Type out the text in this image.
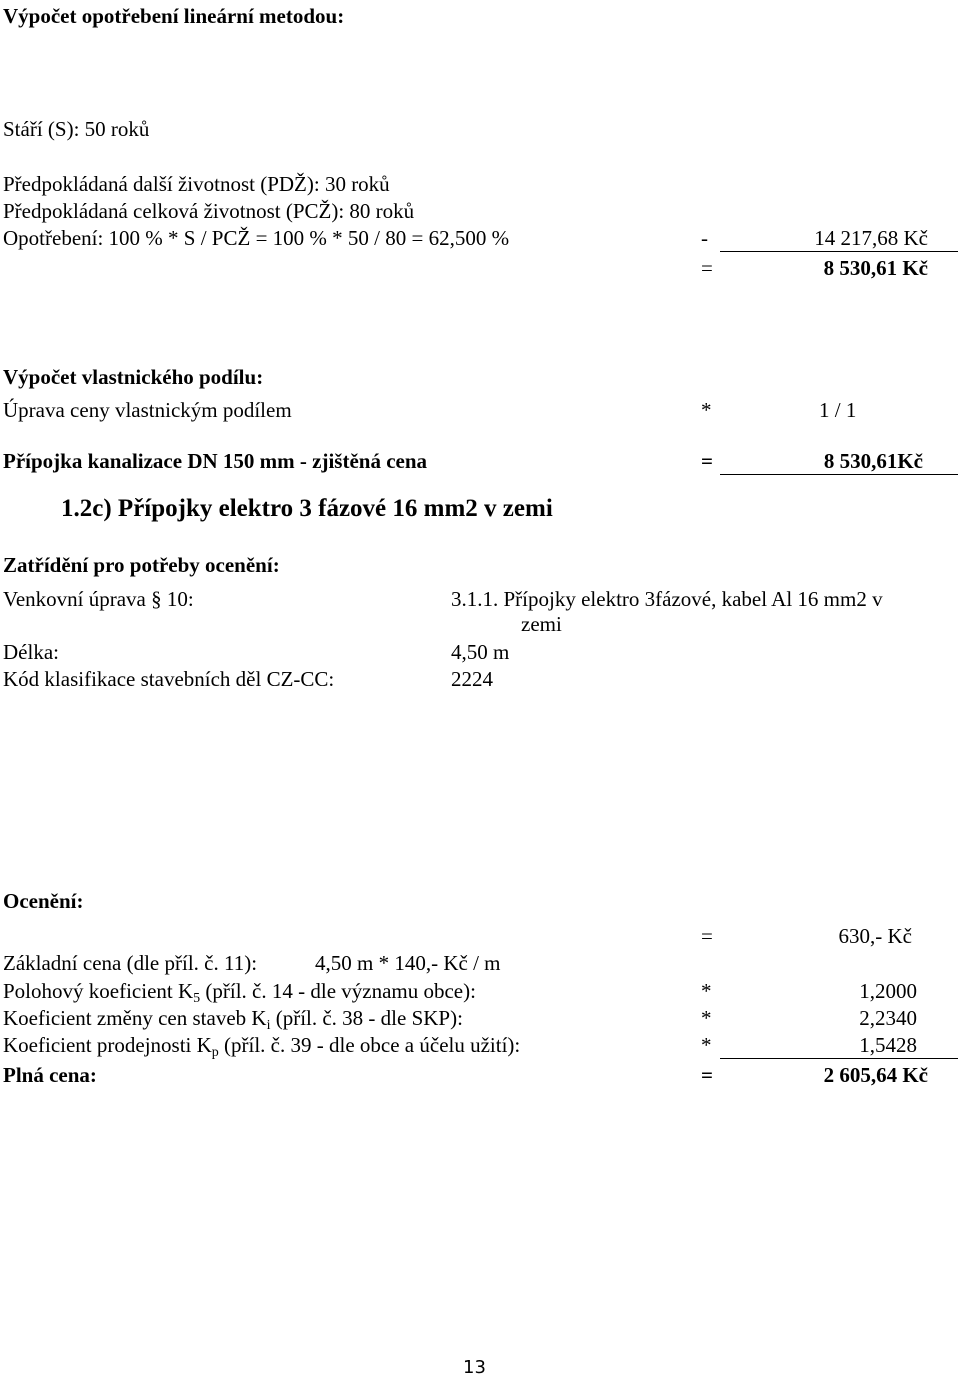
Výpočet opotřebení lineární metodou:
Stáří (S): 50 roků
Předpokládaná další životnost (PDŽ): 30 roků
Předpokládaná celková životnost (PCŽ): 80 roků
Opotřebení: 100 % * S / PCŽ = 100 % * 50 / 80 = 62,500 %	-	14 217,68 Kč
=	8 530,61 Kč
Výpočet vlastnického podílu:
Úprava ceny vlastnickým podílem	*	1 / 1
Přípojka kanalizace DN 150 mm - zjištěná cena	=	8 530,61Kč
1.2c) Přípojky elektro 3 fázové 16 mm2 v zemi
Zatřídění pro potřeby ocenění:
Venkovní úprava § 10:	3.1.1. Přípojky elektro 3fázové, kabel Al 16 mm2 v
zemi
Délka:	4,50 m
Kód klasifikace stavebních děl CZ-CC:	2224
Ocenění:
=	630,- Kč
Základní cena (dle příl. č. 11):	4,50 m * 140,- Kč / m
Polohový koeficient $K_5$ (příl. č. 14 - dle významu obce):	*	1,2000
Koeficient změny cen staveb $K_i$ (příl. č. 38 - dle SKP):	*	2,2340
Koeficient prodejnosti $K_p$ (příl. č. 39 - dle obce a účelu užití):	*	1,5428
Plná cena:	=	2 605,64 Kč
13
